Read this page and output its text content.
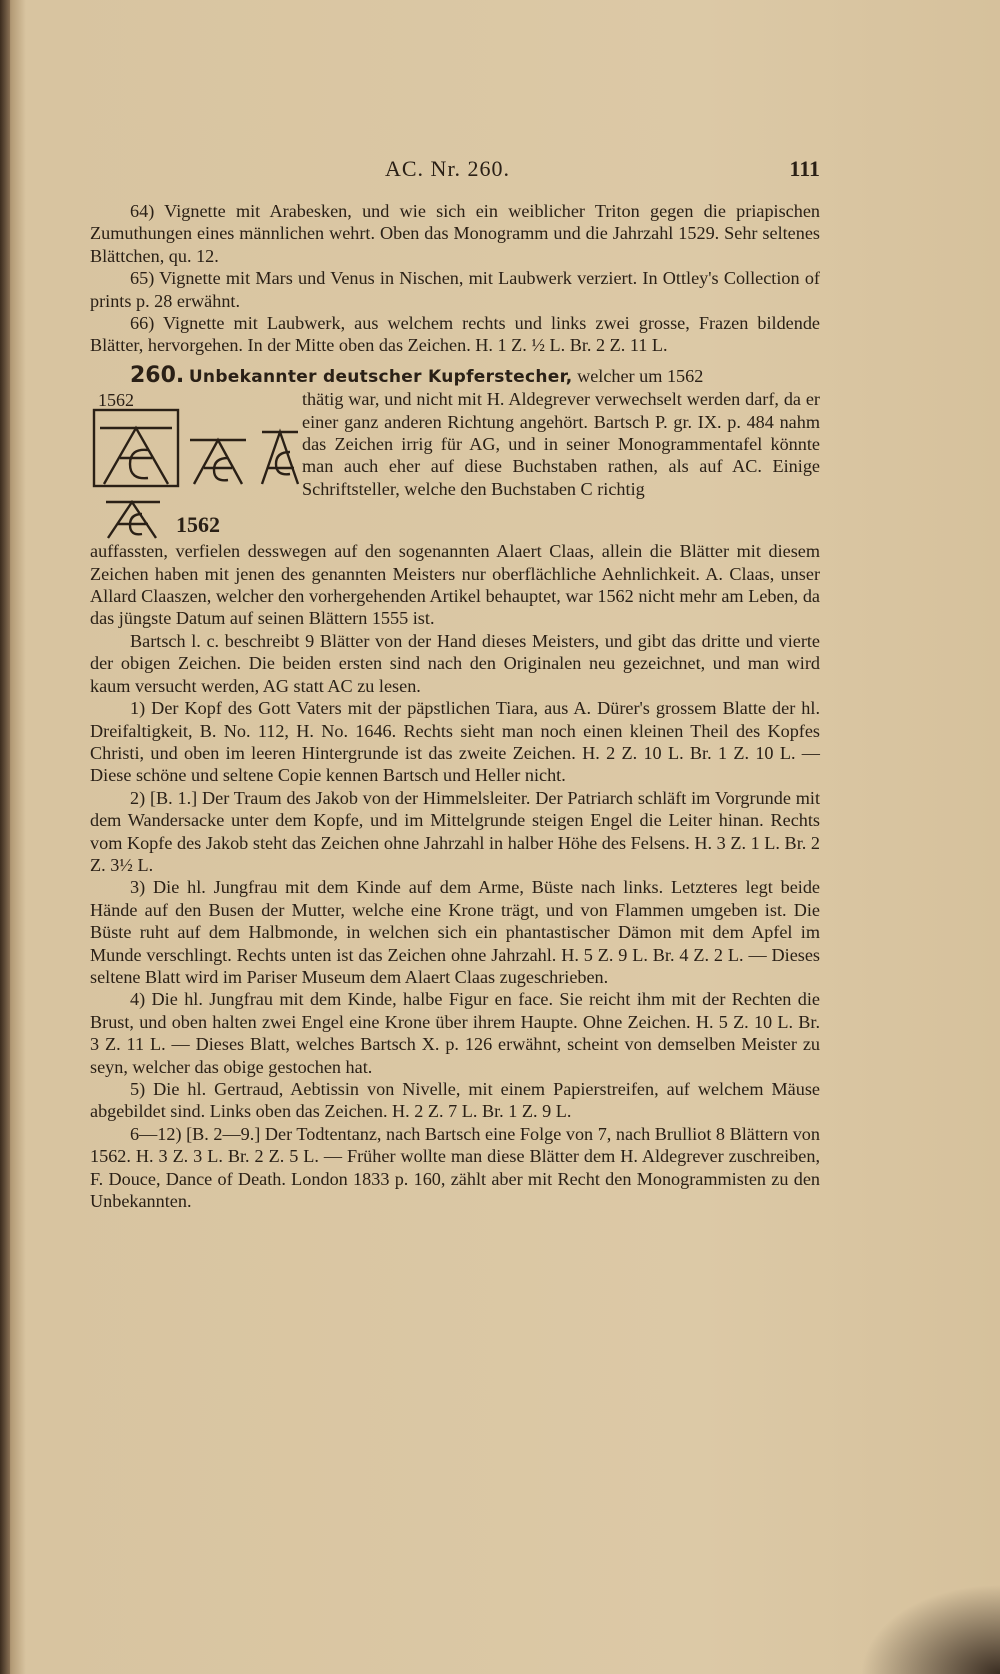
AC. Nr. 260.	111

64) Vignette mit Arabesken, und wie sich ein weiblicher Triton gegen die priapischen Zumuthungen eines männlichen wehrt. Oben das Monogramm und die Jahrzahl 1529. Sehr seltenes Blättchen, qu. 12.

65) Vignette mit Mars und Venus in Nischen, mit Laubwerk verziert. In Ottley's Collection of prints p. 28 erwähnt.

66) Vignette mit Laubwerk, aus welchem rechts und links zwei grosse, Frazen bildende Blätter, hervorgehen. In der Mitte oben das Zeichen. H. 1 Z. ½ L. Br. 2 Z. 11 L.

260. Unbekannter deutscher Kupferstecher, welcher um 1562

1562
1562
thätig war, und nicht mit H. Aldegrever verwechselt werden darf, da er einer ganz anderen Richtung angehört. Bartsch P. gr. IX. p. 484 nahm das Zeichen irrig für AG, und in seiner Monogrammentafel könnte man auch eher auf diese Buchstaben rathen, als auf AC. Einige Schriftsteller, welche den Buchstaben C richtig

auffassten, verfielen desswegen auf den sogenannten Alaert Claas, allein die Blätter mit diesem Zeichen haben mit jenen des genannten Meisters nur oberflächliche Aehnlichkeit. A. Claas, unser Allard Claaszen, welcher den vorhergehenden Artikel behauptet, war 1562 nicht mehr am Leben, da das jüngste Datum auf seinen Blättern 1555 ist.

Bartsch l. c. beschreibt 9 Blätter von der Hand dieses Meisters, und gibt das dritte und vierte der obigen Zeichen. Die beiden ersten sind nach den Originalen neu gezeichnet, und man wird kaum versucht werden, AG statt AC zu lesen.

1) Der Kopf des Gott Vaters mit der päpstlichen Tiara, aus A. Dürer's grossem Blatte der hl. Dreifaltigkeit, B. No. 112, H. No. 1646. Rechts sieht man noch einen kleinen Theil des Kopfes Christi, und oben im leeren Hintergrunde ist das zweite Zeichen. H. 2 Z. 10 L. Br. 1 Z. 10 L. — Diese schöne und seltene Copie kennen Bartsch und Heller nicht.

2) [B. 1.] Der Traum des Jakob von der Himmelsleiter. Der Patriarch schläft im Vorgrunde mit dem Wandersacke unter dem Kopfe, und im Mittelgrunde steigen Engel die Leiter hinan. Rechts vom Kopfe des Jakob steht das Zeichen ohne Jahrzahl in halber Höhe des Felsens. H. 3 Z. 1 L. Br. 2 Z. 3½ L.

3) Die hl. Jungfrau mit dem Kinde auf dem Arme, Büste nach links. Letzteres legt beide Hände auf den Busen der Mutter, welche eine Krone trägt, und von Flammen umgeben ist. Die Büste ruht auf dem Halbmonde, in welchen sich ein phantastischer Dämon mit dem Apfel im Munde verschlingt. Rechts unten ist das Zeichen ohne Jahrzahl. H. 5 Z. 9 L. Br. 4 Z. 2 L. — Dieses seltene Blatt wird im Pariser Museum dem Alaert Claas zugeschrieben.

4) Die hl. Jungfrau mit dem Kinde, halbe Figur en face. Sie reicht ihm mit der Rechten die Brust, und oben halten zwei Engel eine Krone über ihrem Haupte. Ohne Zeichen. H. 5 Z. 10 L. Br. 3 Z. 11 L. — Dieses Blatt, welches Bartsch X. p. 126 erwähnt, scheint von demselben Meister zu seyn, welcher das obige gestochen hat.

5) Die hl. Gertraud, Aebtissin von Nivelle, mit einem Papierstreifen, auf welchem Mäuse abgebildet sind. Links oben das Zeichen. H. 2 Z. 7 L. Br. 1 Z. 9 L.

6—12) [B. 2—9.] Der Todtentanz, nach Bartsch eine Folge von 7, nach Brulliot 8 Blättern von 1562. H. 3 Z. 3 L. Br. 2 Z. 5 L. — Früher wollte man diese Blätter dem H. Aldegrever zuschreiben, F. Douce, Dance of Death. London 1833 p. 160, zählt aber mit Recht den Monogrammisten zu den Unbekannten.
